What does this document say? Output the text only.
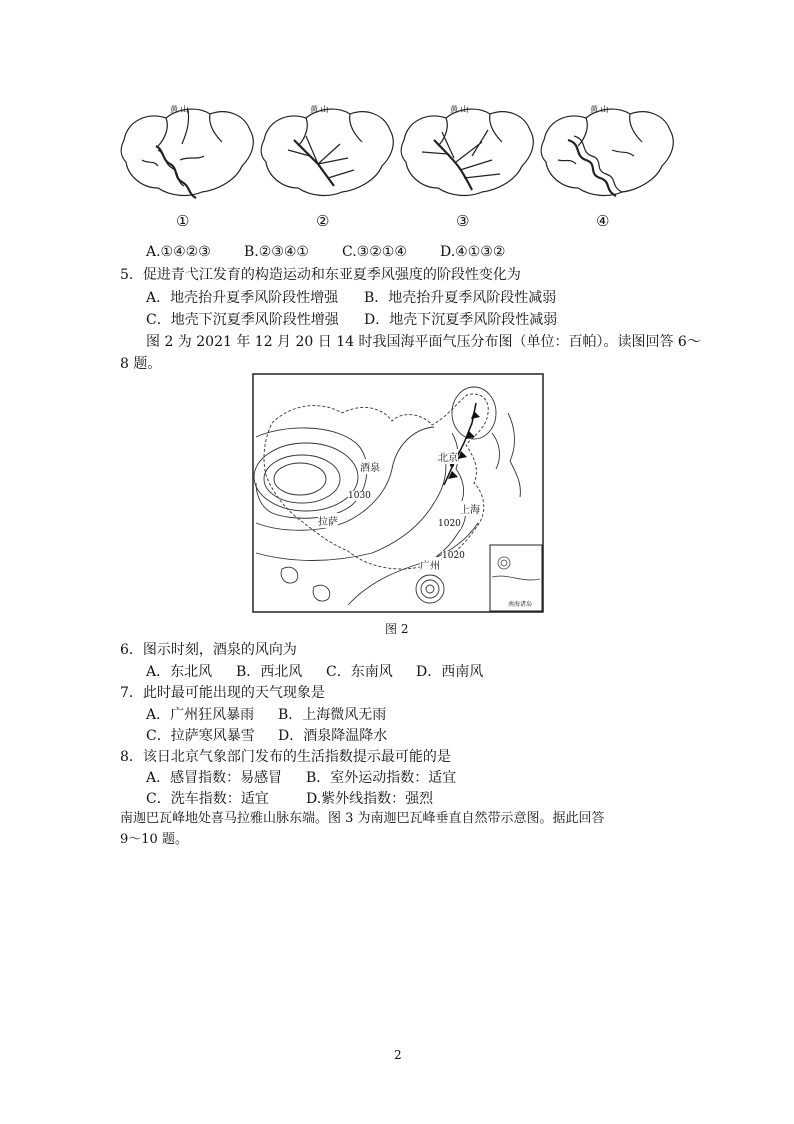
黄 山	黄 山	黄 山	黄 山
①	②	③	④
A.①④②③ B.②③④① C.③②①④ D.④①③②
5．促进青弋江发育的构造运动和东亚夏季风强度的阶段性变化为
A．地壳抬升夏季风阶段性增强 B．地壳抬升夏季风阶段性减弱
C．地壳下沉夏季风阶段性增强 D．地壳下沉夏季风阶段性减弱
图 2 为 2021 年 12 月 20 日 14 时我国海平面气压分布图（单位：百帕）。读图回答 6～
8 题。
酒泉
北京
上海
拉萨
广州
1030
1020
1020
南海诸岛
图 2
6．图示时刻，酒泉的风向为
A．东北风 B．西北风 C．东南风 D．西南风
7．此时最可能出现的天气现象是
A．广州狂风暴雨 B．上海微风无雨
C．拉萨寒风暴雪 D．酒泉降温降水
8．该日北京气象部门发布的生活指数提示最可能的是
A．感冒指数：易感冒 B．室外运动指数：适宜
C．洗车指数：适宜	D.紫外线指数：强烈
南迦巴瓦峰地处喜马拉雅山脉东端。图 3 为南迦巴瓦峰垂直自然带示意图。据此回答
9～10 题。
2
